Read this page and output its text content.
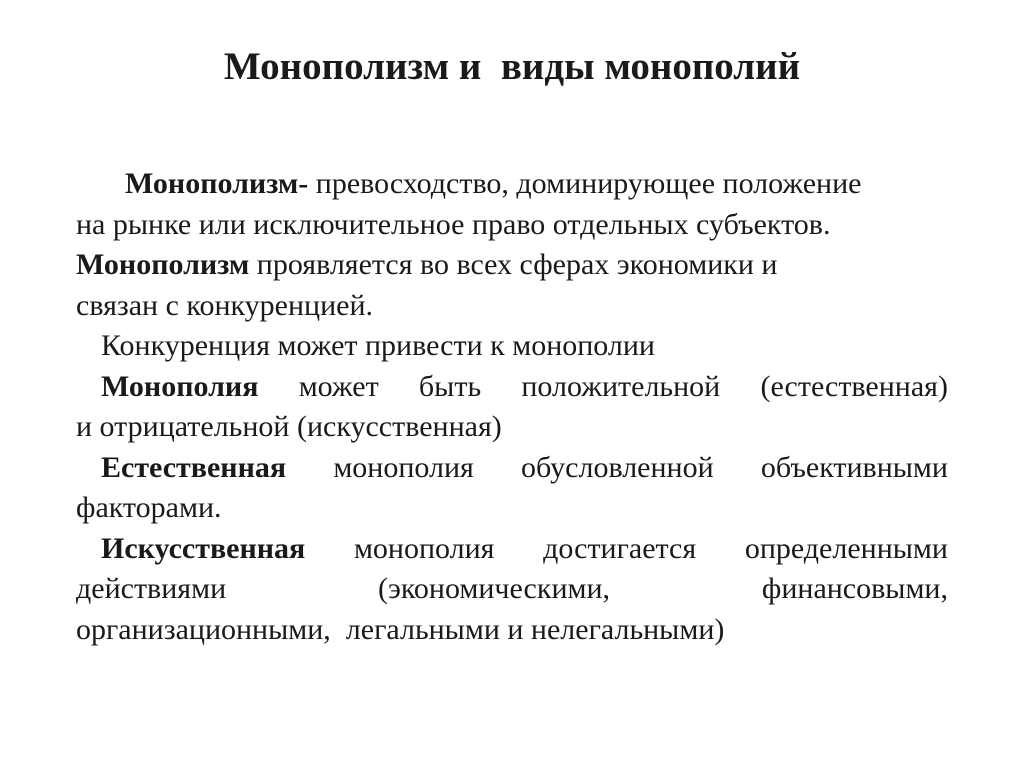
Монополизм и  виды монополий
Монополизм- превосходство, доминирующее положение
на рынке или исключительное право отдельных субъектов.
Монополизм проявляется во всех сферах экономики и
связан с конкуренцией.
Конкуренция может привести к монополии
Монополия может быть положительной (естественная)
и отрицательной (искусственная)
Естественная монополия обусловленной объективными
факторами.
Искусственная монополия достигается определенными
действиями	(экономическими,	финансовыми,
организационными,  легальными и нелегальными)
